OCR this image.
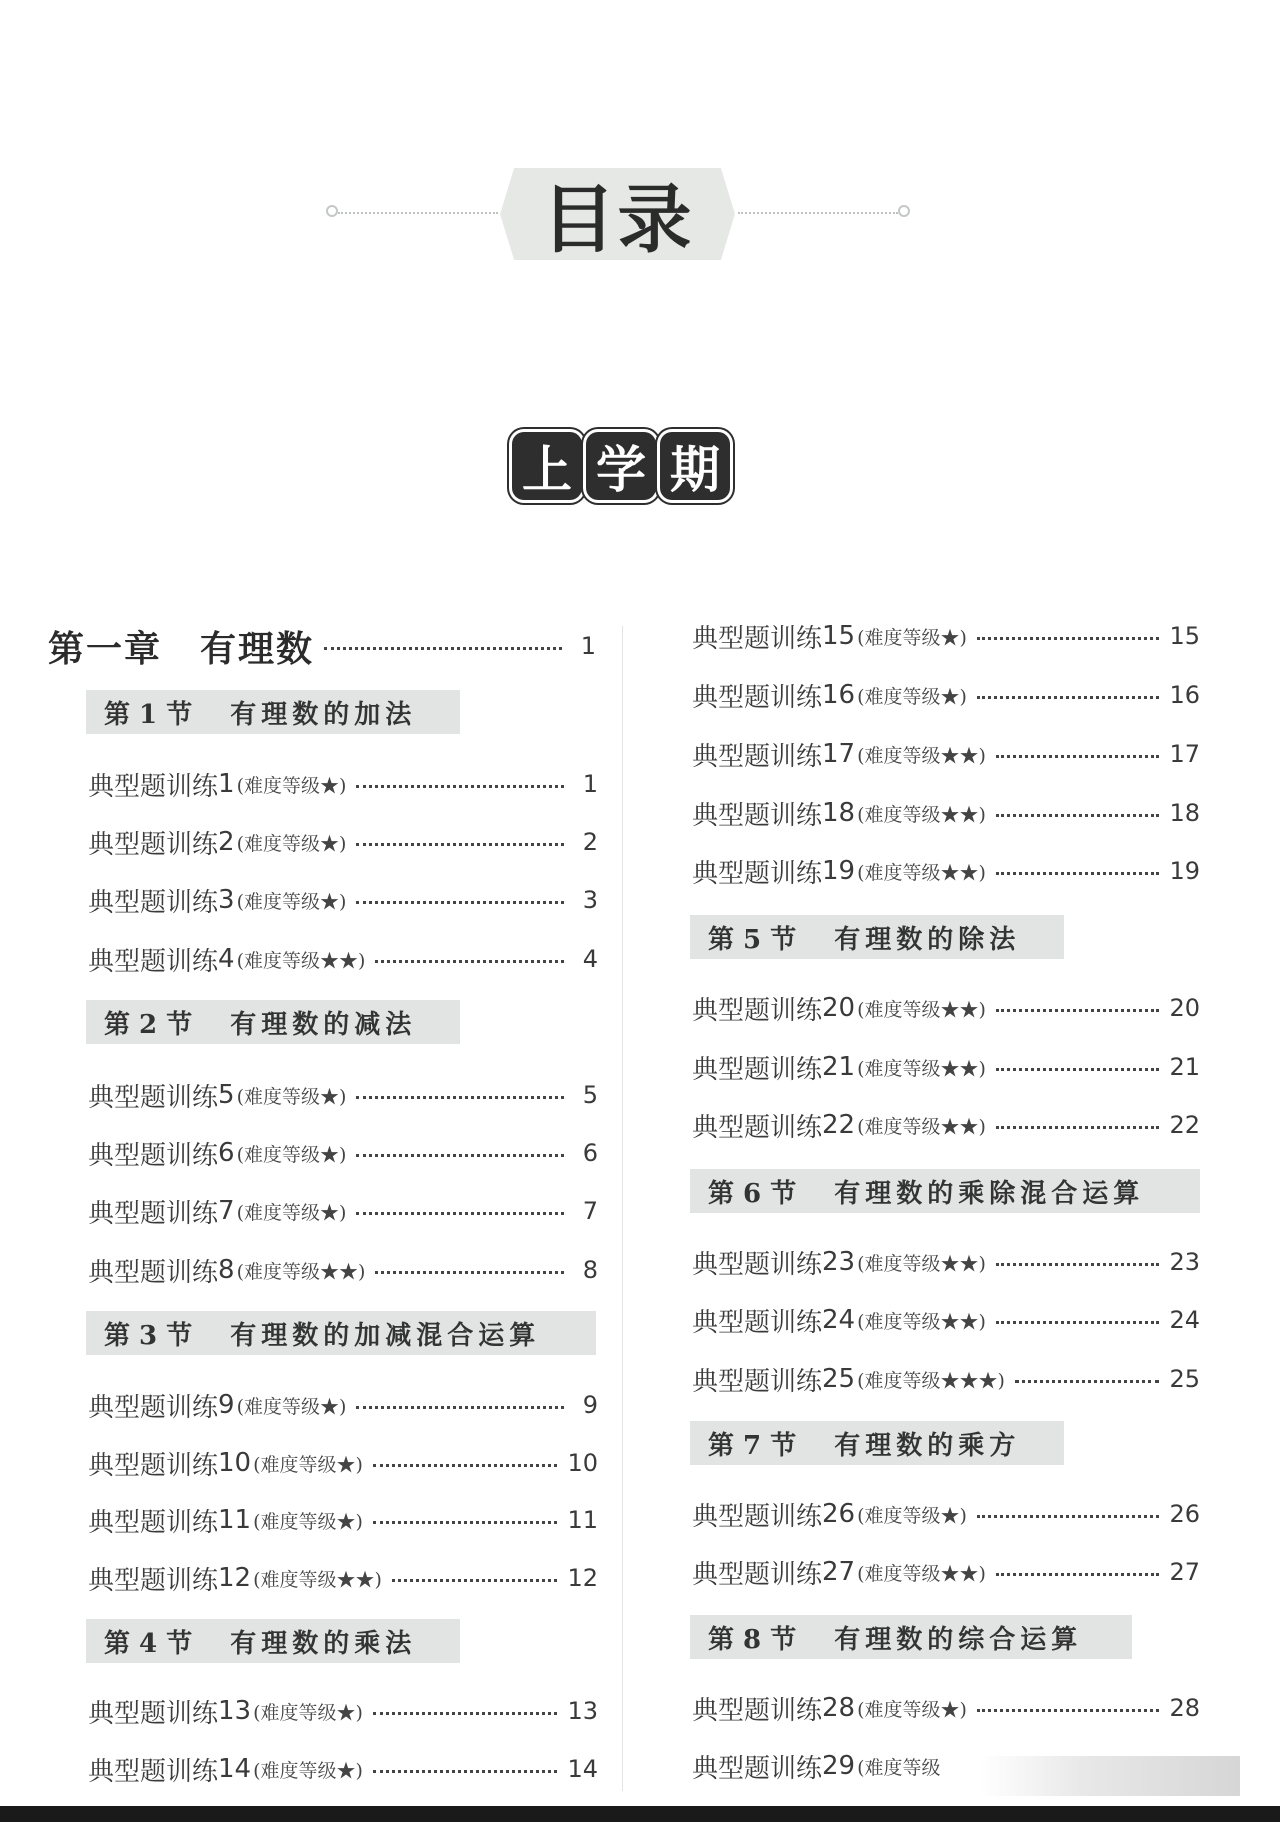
目录
上 学 期
第一章　有理数	1
第 1 节 有理数的加法
典型题训练 1 (难度等级★)	1
典型题训练 2 (难度等级★)	2
典型题训练 3 (难度等级★)	3
典型题训练 4 (难度等级★★)	4
第 2 节 有理数的减法
典型题训练 5 (难度等级★)	5
典型题训练 6 (难度等级★)	6
典型题训练 7 (难度等级★)	7
典型题训练 8 (难度等级★★)	8
第 3 节 有理数的加减混合运算
典型题训练 9 (难度等级★)	9
典型题训练 10 (难度等级★)	10
典型题训练 11 (难度等级★)	11
典型题训练 12 (难度等级★★)	12
第 4 节 有理数的乘法
典型题训练 13 (难度等级★)	13
典型题训练 14 (难度等级★)	14
典型题训练 15 (难度等级★)	15
典型题训练 16 (难度等级★)	16
典型题训练 17 (难度等级★★)	17
典型题训练 18 (难度等级★★)	18
典型题训练 19 (难度等级★★)	19
第 5 节 有理数的除法
典型题训练 20 (难度等级★★)	20
典型题训练 21 (难度等级★★)	21
典型题训练 22 (难度等级★★)	22
第 6 节 有理数的乘除混合运算
典型题训练 23 (难度等级★★)	23
典型题训练 24 (难度等级★★)	24
典型题训练 25 (难度等级★★★)	25
第 7 节 有理数的乘方
典型题训练 26 (难度等级★)	26
典型题训练 27 (难度等级★★)	27
第 8 节 有理数的综合运算
典型题训练 28 (难度等级★)	28
典型题训练 29 (难度等级
